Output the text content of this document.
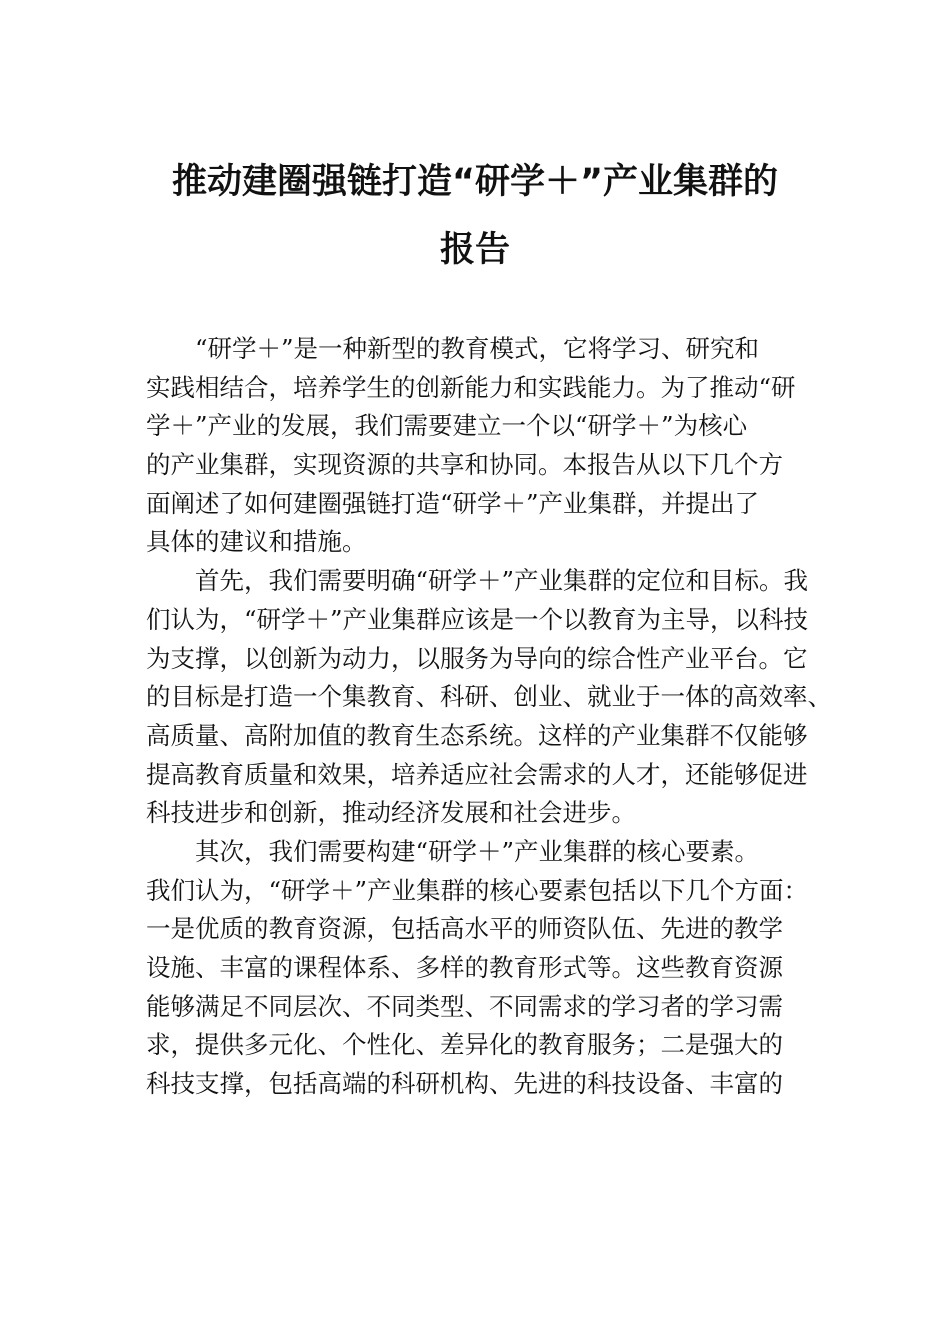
推动建圈强链打造“研学＋”产业集群的
报告
“研学＋”是一种新型的教育模式，它将学习、研究和
实践相结合，培养学生的创新能力和实践能力。为了推动“研
学＋”产业的发展，我们需要建立一个以“研学＋”为核心
的产业集群，实现资源的共享和协同。本报告从以下几个方
面阐述了如何建圈强链打造“研学＋”产业集群，并提出了
具体的建议和措施。
首先，我们需要明确“研学＋”产业集群的定位和目标。我
们认为，“研学＋”产业集群应该是一个以教育为主导，以科技
为支撑，以创新为动力，以服务为导向的综合性产业平台。它
的目标是打造一个集教育、科研、创业、就业于一体的高效率、
高质量、高附加值的教育生态系统。这样的产业集群不仅能够
提高教育质量和效果，培养适应社会需求的人才，还能够促进
科技进步和创新，推动经济发展和社会进步。
其次，我们需要构建“研学＋”产业集群的核心要素。
我们认为，“研学＋”产业集群的核心要素包括以下几个方面：
一是优质的教育资源，包括高水平的师资队伍、先进的教学
设施、丰富的课程体系、多样的教育形式等。这些教育资源
能够满足不同层次、不同类型、不同需求的学习者的学习需
求，提供多元化、个性化、差异化的教育服务；二是强大的
科技支撑，包括高端的科研机构、先进的科技设备、丰富的
